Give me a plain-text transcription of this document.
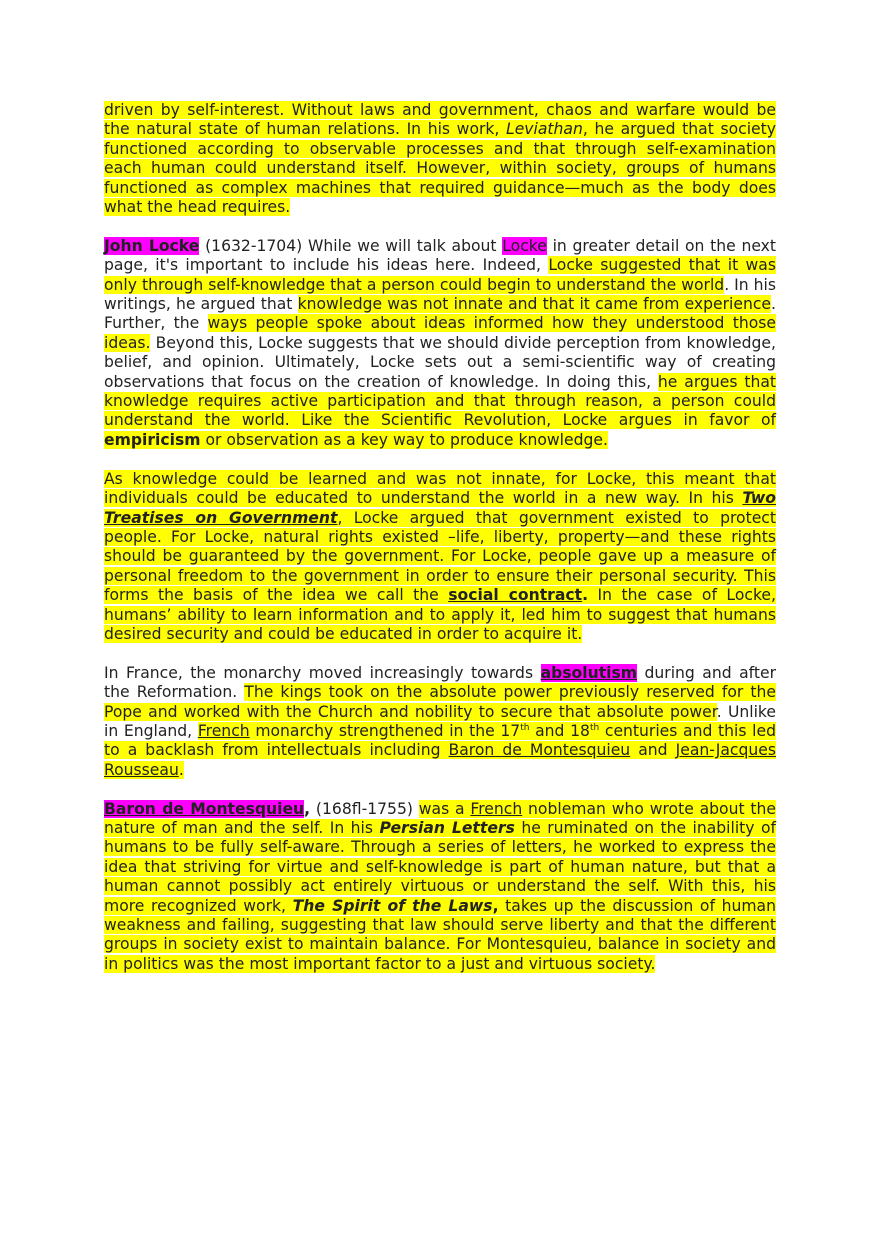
driven by self-interest. Without laws and government, chaos and warfare would be the natural state of human relations. In his work, Leviathan, he argued that society functioned according to observable processes and that through self-examination each human could understand itself. However, within society, groups of humans functioned as complex machines that required guidance—much as the body does what the head requires.

John Locke (1632-1704) While we will talk about Locke in greater detail on the next page, it's important to include his ideas here. Indeed, Locke suggested that it was only through self-knowledge that a person could begin to understand the world. In his writings, he argued that knowledge was not innate and that it came from experience. Further, the ways people spoke about ideas informed how they understood those ideas. Beyond this, Locke suggests that we should divide perception from knowledge, belief, and opinion. Ultimately, Locke sets out a semi-scientific way of creating observations that focus on the creation of knowledge. In doing this, he argues that knowledge requires active participation and that through reason, a person could understand the world. Like the Scientific Revolution, Locke argues in favor of empiricism or observation as a key way to produce knowledge.

As knowledge could be learned and was not innate, for Locke, this meant that individuals could be educated to understand the world in a new way. In his Two Treatises on Government, Locke argued that government existed to protect people. For Locke, natural rights existed –life, liberty, property—and these rights should be guaranteed by the government. For Locke, people gave up a measure of personal freedom to the government in order to ensure their personal security. This forms the basis of the idea we call the social contract. In the case of Locke, humans’ ability to learn information and to apply it, led him to suggest that humans desired security and could be educated in order to acquire it.

In France, the monarchy moved increasingly towards absolutism during and after the Reformation. The kings took on the absolute power previously reserved for the Pope and worked with the Church and nobility to secure that absolute power. Unlike in England, French monarchy strengthened in the 17th and 18th centuries and this led to a backlash from intellectuals including Baron de Montesquieu and Jean-Jacques Rousseau.

Baron de Montesquieu, (168fl-1755) was a French nobleman who wrote about the nature of man and the self. In his Persian Letters he ruminated on the inability of humans to be fully self-aware. Through a series of letters, he worked to express the idea that striving for virtue and self-knowledge is part of human nature, but that a human cannot possibly act entirely virtuous or understand the self. With this, his more recognized work, The Spirit of the Laws, takes up the discussion of human weakness and failing, suggesting that law should serve liberty and that the different groups in society exist to maintain balance. For Montesquieu, balance in society and in politics was the most important factor to a just and virtuous society.
